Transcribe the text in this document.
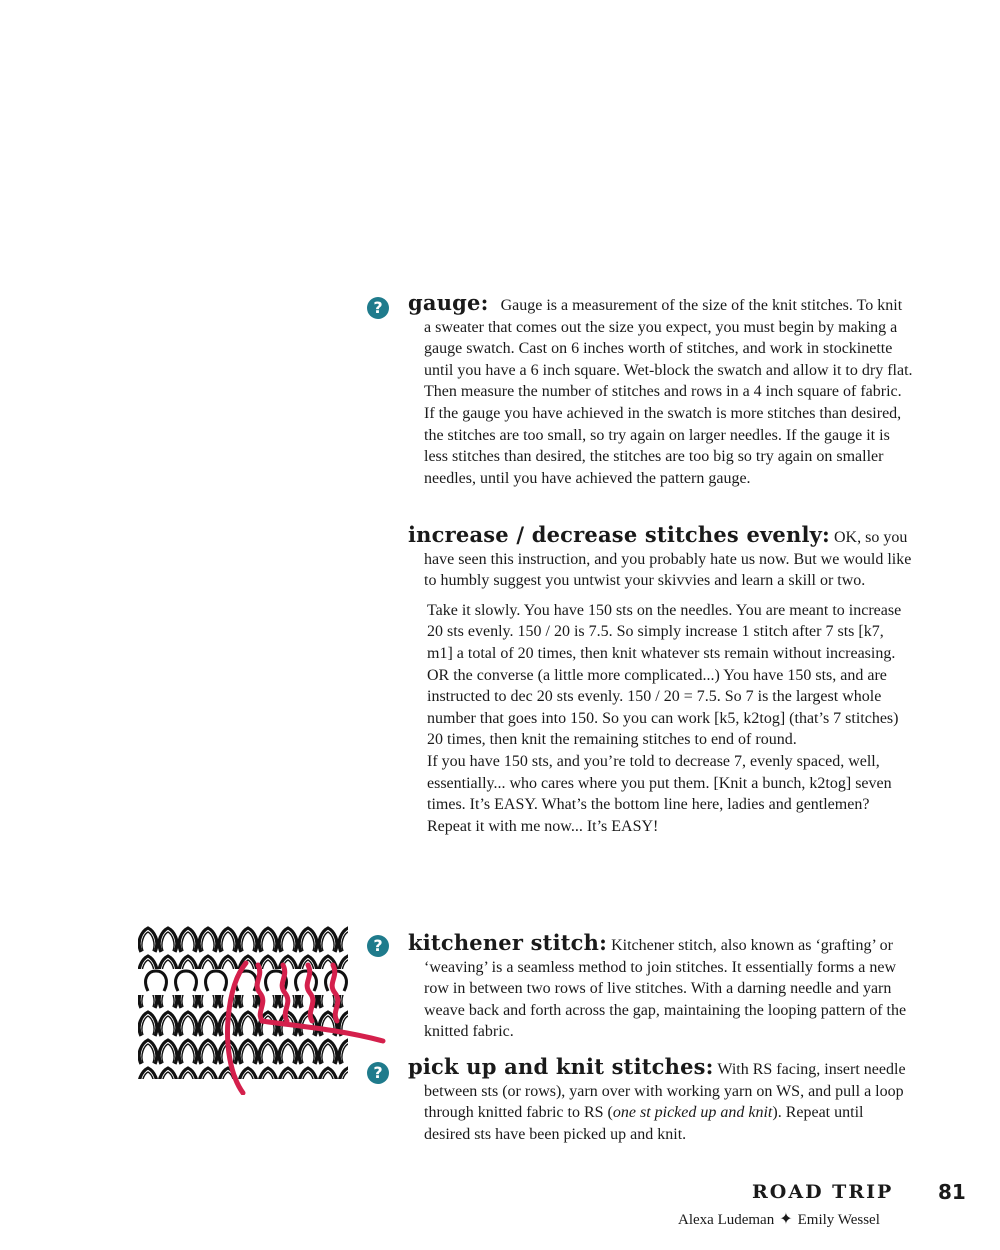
?	gauge: Gauge is a measurement of the size of the knit stitches. To knit a sweater that comes out the size you expect, you must begin by making a gauge swatch. Cast on 6 inches worth of stitches, and work in stockinette until you have a 6 inch square. Wet-block the swatch and allow it to dry flat. Then measure the number of stitches and rows in a 4 inch square of fabric. If the gauge you have achieved in the swatch is more stitches than desired, the stitches are too small, so try again on larger needles. If the gauge it is less stitches than desired, the stitches are too big so try again on smaller needles, until you have achieved the pattern gauge.

increase / decrease stitches evenly: OK, so you have seen this instruction, and you probably hate us now. But we would like to humbly suggest you untwist your skivvies and learn a skill or two.

Take it slowly. You have 150 sts on the needles. You are meant to increase 20 sts evenly. 150 / 20 is 7.5. So simply increase 1 stitch after 7 sts [k7, m1] a total of 20 times, then knit whatever sts remain without increasing.

OR the converse (a little more complicated...) You have 150 sts, and are instructed to dec 20 sts evenly. 150 / 20 = 7.5. So 7 is the largest whole number that goes into 150. So you can work [k5, k2tog] (that’s 7 stitches) 20 times, then knit the remaining stitches to end of round.

If you have 150 sts, and you’re told to decrease 7, evenly spaced, well, essentially... who cares where you put them. [Knit a bunch, k2tog] seven times. It’s EASY. What’s the bottom line here, ladies and gentlemen? Repeat it with me now... It’s EASY!

?	kitchener stitch: Kitchener stitch, also known as ‘grafting’ or ‘weaving’ is a seamless method to join stitches. It essentially forms a new row in between two rows of live stitches. With a darning needle and yarn weave back and forth across the gap, maintaining the looping pattern of the knitted fabric.

?	pick up and knit stitches: With RS facing, insert needle between sts (or rows), yarn over with working yarn on WS, and pull a loop through knitted fabric to RS (one st picked up and knit). Repeat until desired sts have been picked up and knit.

ROAD TRIP 81
Alexa Ludeman ✦ Emily Wessel
